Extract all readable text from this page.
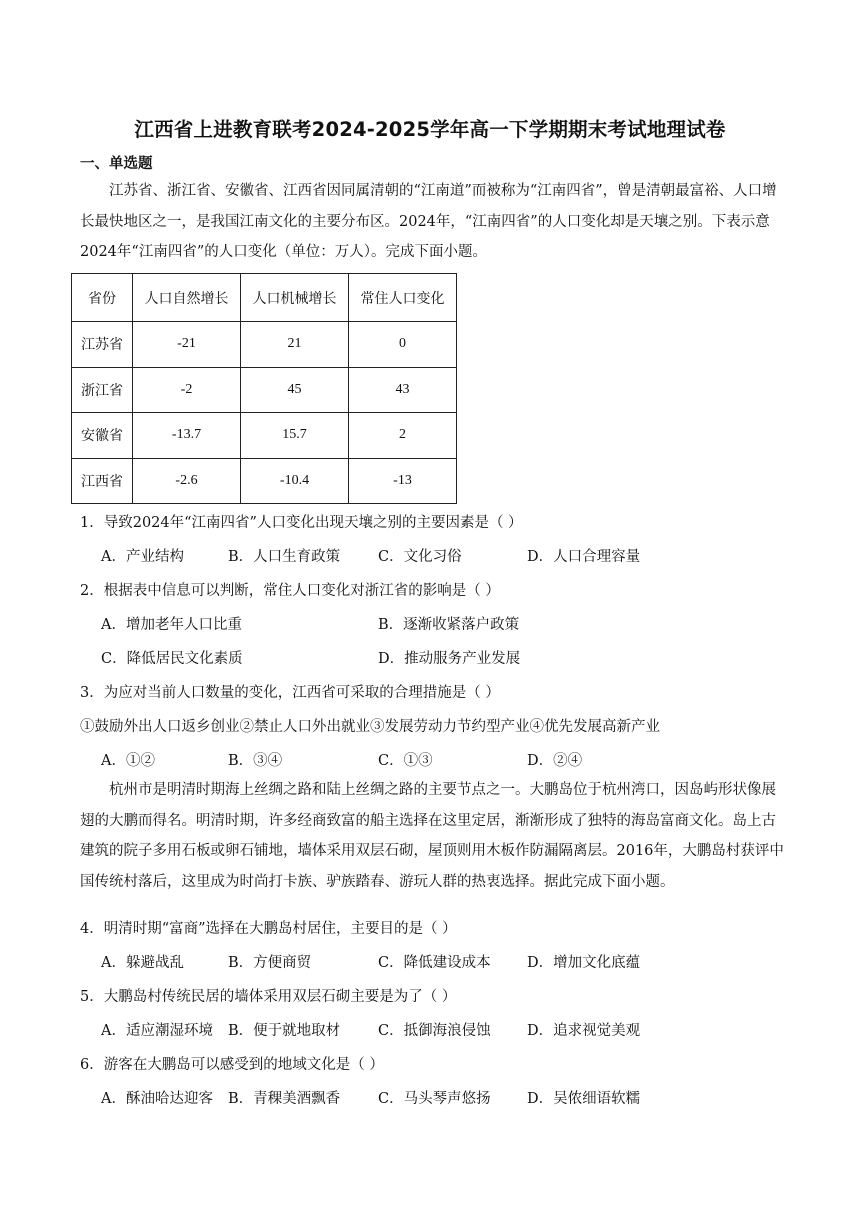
江西省上进教育联考2024-2025学年高一下学期期末考试地理试卷
一、单选题

江苏省、浙江省、安徽省、江西省因同属清朝的“江南道”而被称为“江南四省”，曾是清朝最富裕、人口增长最快地区之一，是我国江南文化的主要分布区。2024年，“江南四省”的人口变化却是天壤之别。下表示意2024年“江南四省”的人口变化（单位：万人）。完成下面小题。

省份	人口自然增长	人口机械增长	常住人口变化
江苏省	-21	21	0
浙江省	-2	45	43
安徽省	-13.7	15.7	2
江西省	-2.6	-10.4	-13
1．导致2024年“江南四省”人口变化出现天壤之别的主要因素是（ ）
A．产业结构	B．人口生育政策	C．文化习俗	D．人口合理容量
2．根据表中信息可以判断，常住人口变化对浙江省的影响是（ ）
A．增加老年人口比重	B．逐渐收紧落户政策
C．降低居民文化素质	D．推动服务产业发展
3．为应对当前人口数量的变化，江西省可采取的合理措施是（ ）
①鼓励外出人口返乡创业②禁止人口外出就业③发展劳动力节约型产业④优先发展高新产业
A．①②	B．③④	C．①③	D．②④

杭州市是明清时期海上丝绸之路和陆上丝绸之路的主要节点之一。大鹏岛位于杭州湾口，因岛屿形状像展翅的大鹏而得名。明清时期，许多经商致富的船主选择在这里定居，渐渐形成了独特的海岛富商文化。岛上古建筑的院子多用石板或卵石铺地，墙体采用双层石砌，屋顶则用木板作防漏隔离层。2016年，大鹏岛村获评中国传统村落后，这里成为时尚打卡族、驴族踏春、游玩人群的热衷选择。据此完成下面小题。

4．明清时期“富商”选择在大鹏岛村居住，主要目的是（ ）
A．躲避战乱	B．方便商贸	C．降低建设成本	D．增加文化底蕴
5．大鹏岛村传统民居的墙体采用双层石砌主要是为了（ ）
A．适应潮湿环境 B．便于就地取材	C．抵御海浪侵蚀	D．追求视觉美观
6．游客在大鹏岛可以感受到的地域文化是（ ）
A．酥油哈达迎客 B．青稞美酒飘香	C．马头琴声悠扬	D．吴侬细语软糯
